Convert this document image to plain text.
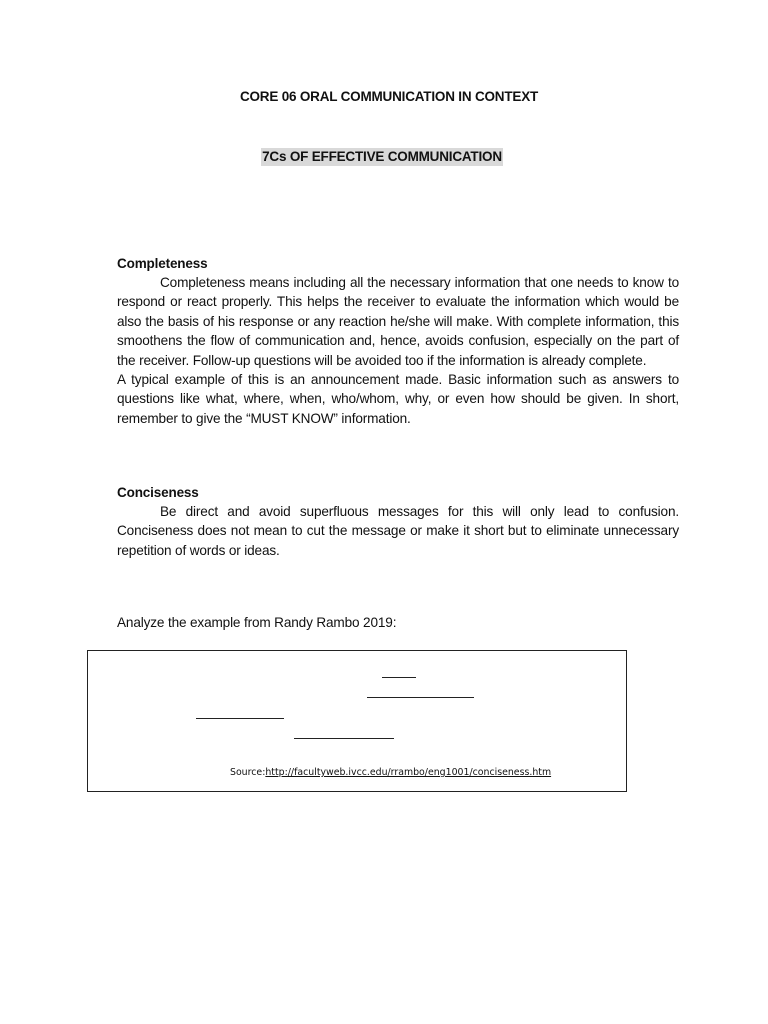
CORE 06 ORAL COMMUNICATION IN CONTEXT
7Cs OF EFFECTIVE COMMUNICATION
Completeness

Completeness means including all the necessary information that one needs to know to respond or react properly. This helps the receiver to evaluate the information which would be also the basis of his response or any reaction he/she will make. With complete information, this smoothens the flow of communication and, hence, avoids confusion, especially on the part of the receiver. Follow-up questions will be avoided too if the information is already complete.

A typical example of this is an announcement made. Basic information such as answers to questions like what, where, when, who/whom, why, or even how should be given. In short, remember to give the “MUST KNOW” information.

Conciseness

Be direct and avoid superfluous messages for this will only lead to confusion. Conciseness does not mean to cut the message or make it short but to eliminate unnecessary repetition of words or ideas.

Analyze the example from Randy Rambo 2019:
Source:http://facultyweb.ivcc.edu/rrambo/eng1001/conciseness.htm
